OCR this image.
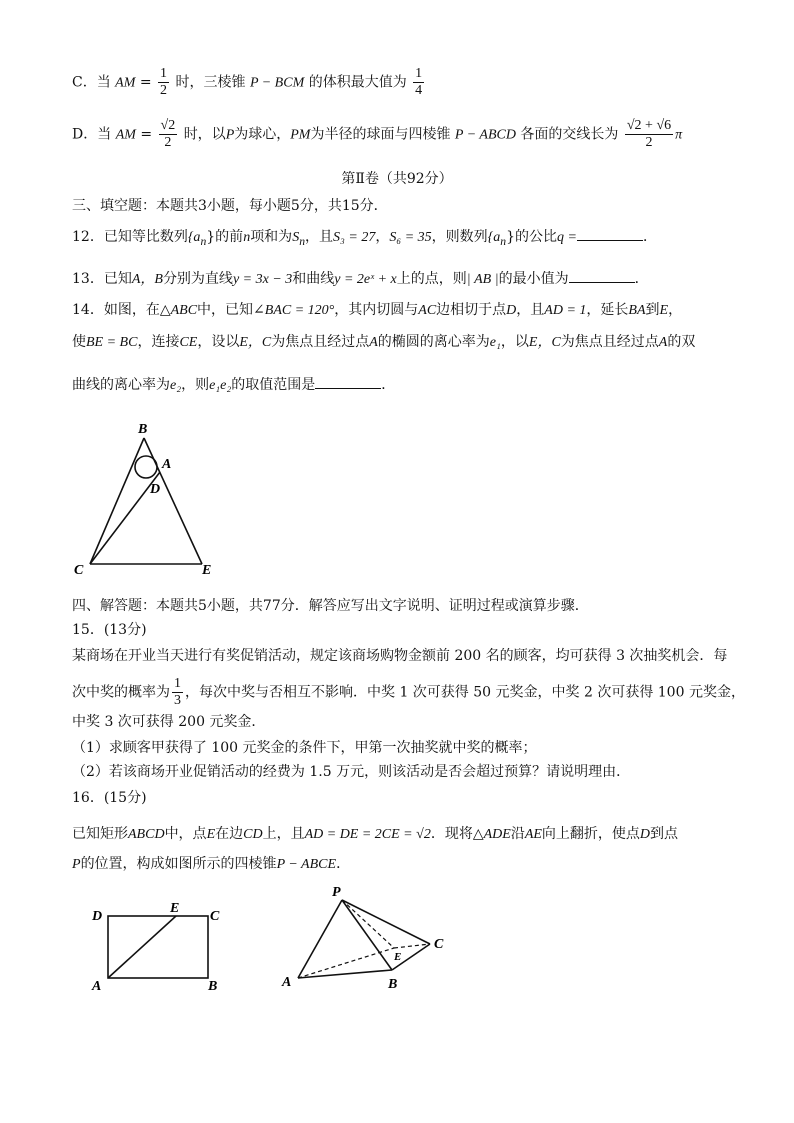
C．当 AM = $\frac{1}{2}$ 时，三棱锥 P − BCM 的体积最大值为 $\frac{1}{4}$
D．当 AM = $\frac{√2}{2}$ 时，以P为球心，PM为半径的球面与四棱锥 P − ABCD 各面的交线长为 $\frac{√2 + √6}{2}$ π
第Ⅱ卷（共92分）
三、填空题：本题共3小题，每小题5分，共15分．
12．已知等比数列$\{a_n\}$的前n项和为$S_n$，且S₃ = 27，S₆ = 35，则数列$\{a_n\}$的公比q =	．
13．已知A，B分别为直线y = 3x − 3和曲线y = 2eˣ + x上的点，则| AB |的最小值为	．
14．如图，在△ABC中，已知∠BAC = 120°，其内切圆与AC边相切于点D，且AD = 1，延长BA到E，
使BE = BC，连接CE，设以E，C为焦点且经过点A的椭圆的离心率为e₁，以E，C为焦点且经过点A的双
曲线的离心率为e₂，则e₁e₂的取值范围是	．
B
A
D
C	E
四、解答题：本题共5小题，共77分．解答应写出文字说明、证明过程或演算步骤．
15．(13分)
某商场在开业当天进行有奖促销活动，规定该商场购物金额前 200 名的顾客，均可获得 3 次抽奖机会．每
次中奖的概率为 $\frac{1}{3}$ ，每次中奖与否相互不影响．中奖 1 次可获得 50 元奖金，中奖 2 次可获得 100 元奖金，
中奖 3 次可获得 200 元奖金．
（1）求顾客甲获得了 100 元奖金的条件下，甲第一次抽奖就中奖的概率；
（2）若该商场开业促销活动的经费为 1.5 万元，则该活动是否会超过预算？请说明理由．
16．(15分)
已知矩形ABCD中，点E在边CD上，且AD = DE = 2CE = √2．现将△ADE沿AE向上翻折，使点D到点
P的位置，构成如图所示的四棱锥P − ABCE．
D
E
C
A	B
P
C
A	B
E
